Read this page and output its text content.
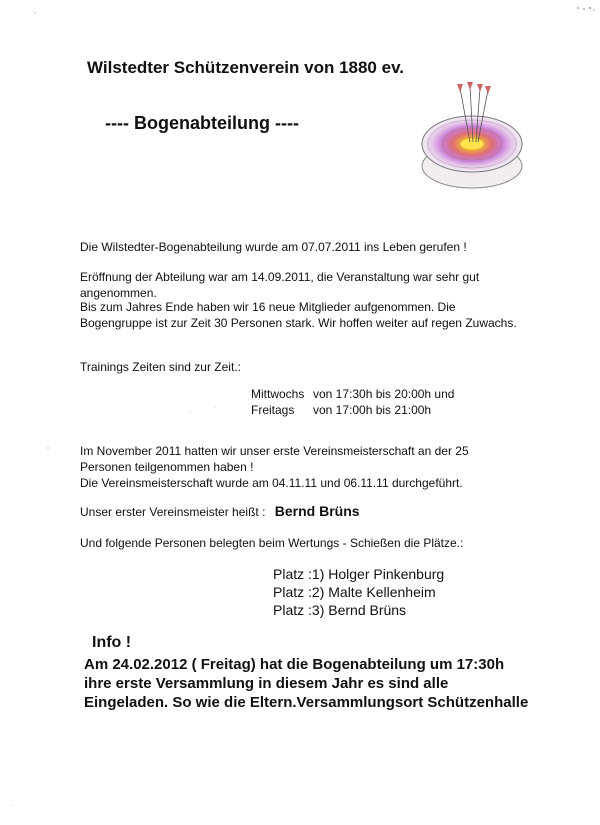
Wilstedter Schützenverein von 1880 ev.
---- Bogenabteilung ----
Die Wilstedter-Bogenabteilung wurde am 07.07.2011 ins Leben gerufen !
Eröffnung der Abteilung war am 14.09.2011, die Veranstaltung war sehr gut angenommen.
Bis zum Jahres Ende haben wir 16 neue Mitglieder aufgenommen. Die Bogengruppe ist zur Zeit 30 Personen stark. Wir hoffen weiter auf regen Zuwachs.
Trainings Zeiten sind zur Zeit.:
Mittwochs von 17:30h bis 20:00h und
Freitags	von 17:00h bis 21:00h
Im November 2011 hatten wir unser erste Vereinsmeisterschaft an der 25 Personen teilgenommen haben !
Die Vereinsmeisterschaft wurde am 04.11.11 und 06.11.11 durchgeführt.
Unser erster Vereinsmeister heißt : Bernd Brüns
Und folgende Personen belegten beim Wertungs - Schießen die Plätze.:
Platz :1) Holger Pinkenburg
Platz :2) Malte Kellenheim
Platz :3) Bernd Brüns
Info !
Am 24.02.2012 ( Freitag) hat die Bogenabteilung um 17:30h
ihre erste Versammlung in diesem Jahr es sind alle
Eingeladen. So wie die Eltern.Versammlungsort Schützenhalle
